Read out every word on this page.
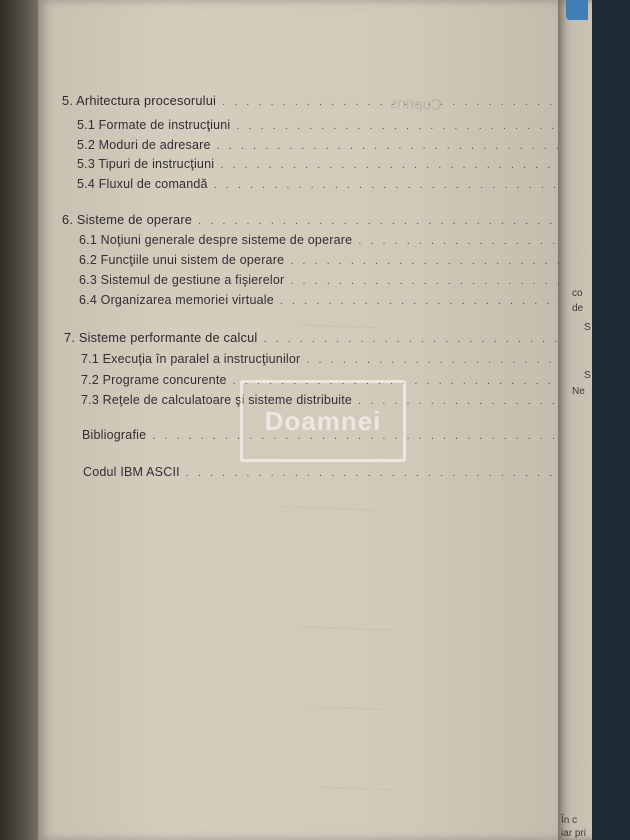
Cuprins
...........................
................................
..............................
..........................
........................
5. Arhitectura procesorului
. . .
5.1 Formate de instrucţiuni
. . .
5.2 Moduri de adresare
. . .
5.3 Tipuri de instrucţiuni
. . .
5.4 Fluxul de comandă
. . .
6. Sisteme de operare
. . .
6.1 Noţiuni generale despre sisteme de operare
. . .
6.2 Funcţiile unui sistem de operare
. . .
6.3 Sistemul de gestiune a fişierelor
. . .
6.4 Organizarea memoriei virtuale
. . .
7. Sisteme performante de calcul
. . .
7.1 Execuţia în paralel a instrucţiunilor
. . .
7.2 Programe concurente
. . .
7.3 Reţele de calculatoare şi sisteme distribuite
. . .
Bibliografie
. . .
Codul IBM ASCII
. . .
Doamnei
co
de
S
S
Ne
În c
iar pri
